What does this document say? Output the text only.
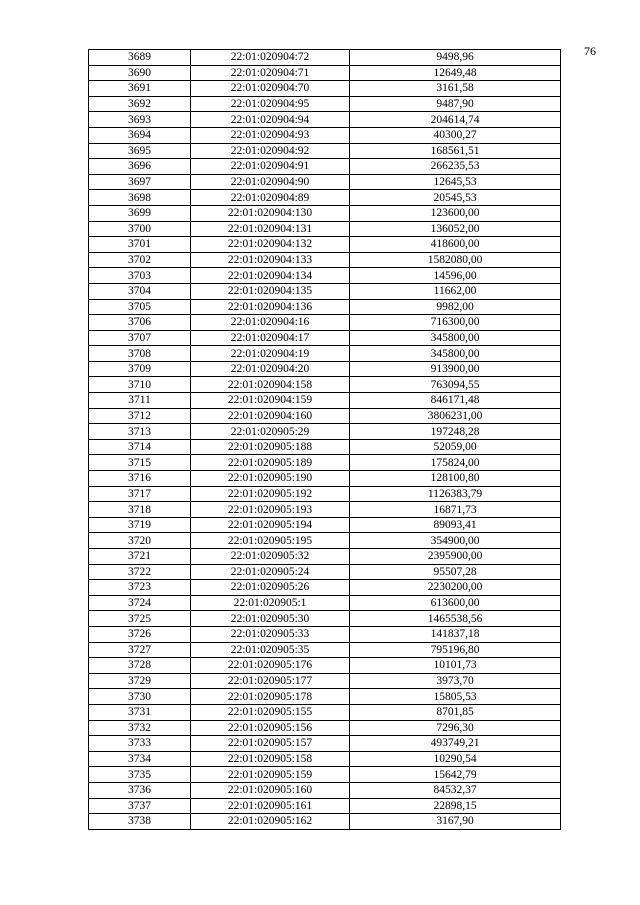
76
3689	22:01:020904:72	9498,96
3690	22:01:020904:71	12649,48
3691	22:01:020904:70	3161,58
3692	22:01:020904:95	9487,90
3693	22:01:020904:94	204614,74
3694	22:01:020904:93	40300,27
3695	22:01:020904:92	168561,51
3696	22:01:020904:91	266235,53
3697	22:01:020904:90	12645,53
3698	22:01:020904:89	20545,53
3699	22:01:020904:130	123600,00
3700	22:01:020904:131	136052,00
3701	22:01:020904:132	418600,00
3702	22:01:020904:133	1582080,00
3703	22:01:020904:134	14596,00
3704	22:01:020904:135	11662,00
3705	22:01:020904:136	9982,00
3706	22:01:020904:16	716300,00
3707	22:01:020904:17	345800,00
3708	22:01:020904:19	345800,00
3709	22:01:020904:20	913900,00
3710	22:01:020904:158	763094,55
3711	22:01:020904:159	846171,48
3712	22:01:020904:160	3806231,00
3713	22:01:020905:29	197248,28
3714	22:01:020905:188	52059,00
3715	22:01:020905:189	175824,00
3716	22:01:020905:190	128100,80
3717	22:01:020905:192	1126383,79
3718	22:01:020905:193	16871,73
3719	22:01:020905:194	89093,41
3720	22:01:020905:195	354900,00
3721	22:01:020905:32	2395900,00
3722	22:01:020905:24	95507,28
3723	22:01:020905:26	2230200,00
3724	22:01:020905:1	613600,00
3725	22:01:020905:30	1465538,56
3726	22:01:020905:33	141837,18
3727	22:01:020905:35	795196,80
3728	22:01:020905:176	10101,73
3729	22:01:020905:177	3973,70
3730	22:01:020905:178	15805,53
3731	22:01:020905:155	8701,85
3732	22:01:020905:156	7296,30
3733	22:01:020905:157	493749,21
3734	22:01:020905:158	10290,54
3735	22:01:020905:159	15642,79
3736	22:01:020905:160	84532,37
3737	22:01:020905:161	22898,15
3738	22:01:020905:162	3167,90
